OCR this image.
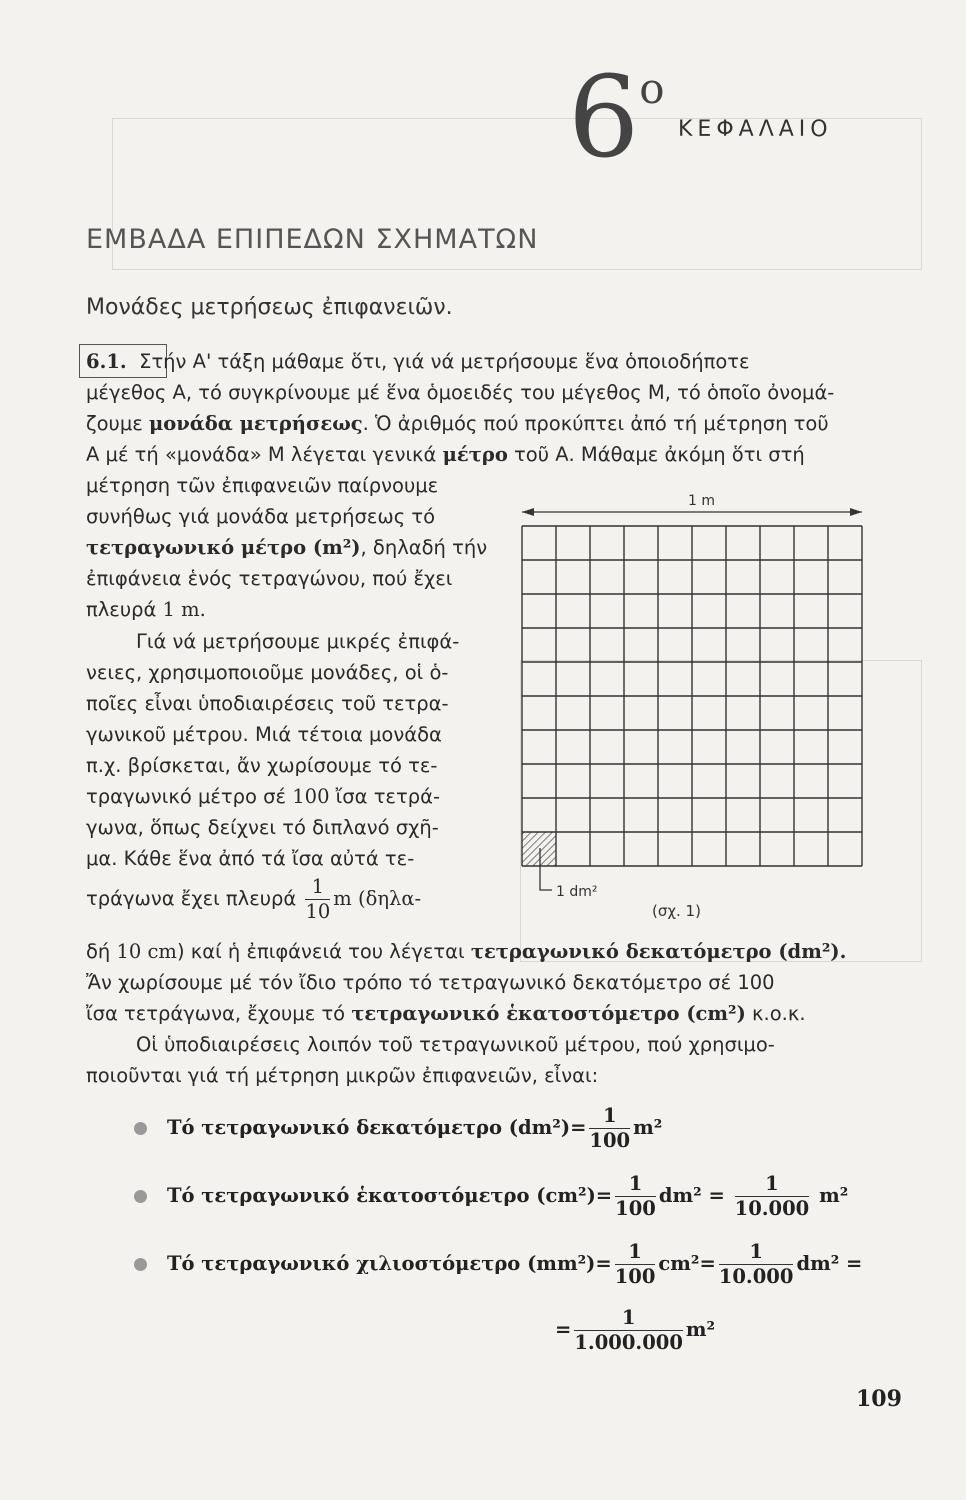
$6^o$
ΚΕΦΑΛΑΙΟ
ΕΜΒΑΔΑ ΕΠΙΠΕΔΩΝ ΣΧΗΜΑΤΩΝ
Μονάδες μετρήσεως ἐπιφανειῶν.
6.1. Στήν Α' τάξη μάθαμε ὅτι, γιά νά μετρήσουμε ἕνα ὁποιοδήποτε
μέγεθος Α, τό συγκρίνουμε μέ ἕνα ὁμοειδές του μέγεθος Μ, τό ὁποῖο ὀνομά-
ζουμε μονάδα μετρήσεως. Ὁ ἀριθμός πού προκύπτει ἀπό τή μέτρηση τοῦ
Α μέ τή «μονάδα» Μ λέγεται γενικά μέτρο τοῦ Α. Μάθαμε ἀκόμη ὅτι στή
μέτρηση τῶν ἐπιφανειῶν παίρνουμε
συνήθως γιά μονάδα μετρήσεως τό
τετραγωνικό μέτρο (m²), δηλαδή τήν
ἐπιφάνεια ἑνός τετραγώνου, πού ἔχει
πλευρά 1 m.
Γιά νά μετρήσουμε μικρές ἐπιφά-
νειες, χρησιμοποιοῦμε μονάδες, οἱ ὁ-
ποῖες εἶναι ὑποδιαιρέσεις τοῦ τετρα-
γωνικοῦ μέτρου. Μιά τέτοια μονάδα
π.χ. βρίσκεται, ἄν χωρίσουμε τό τε-
τραγωνικό μέτρο σέ 100 ἴσα τετρά-
γωνα, ὅπως δείχνει τό διπλανό σχῆ-
μα. Κάθε ἕνα ἀπό τά ἴσα αὐτά τε-
τράγωνα ἔχει πλευρά $\frac{1}{10}$ m (δηλα-
δή 10 cm) καί ἡ ἐπιφάνειά του λέγεται τετραγωνικό δεκατόμετρο (dm²).
Ἄν χωρίσουμε μέ τόν ἴδιο τρόπο τό τετραγωνικό δεκατόμετρο σέ 100
ἴσα τετράγωνα, ἔχουμε τό τετραγωνικό ἑκατοστόμετρο (cm²) κ.ο.κ.
Οἱ ὑποδιαιρέσεις λοιπόν τοῦ τετραγωνικοῦ μέτρου, πού χρησιμο-
ποιοῦνται γιά τή μέτρηση μικρῶν ἐπιφανειῶν, εἶναι:
1 m
1 dm²
(σχ. 1)
Τό τετραγωνικό δεκατόμετρο $(dm^2)= \frac{1}{100} m^2$
Τό τετραγωνικό ἑκατοστόμετρο $(cm^2)= \frac{1}{100} dm^2 = \frac{1}{10.000} m^2$
Τό τετραγωνικό χιλιοστόμετρο $(mm^2)= \frac{1}{100} cm^2= \frac{1}{10.000} dm^2$ =
= $\frac{1}{1.000.000} m^2$
109
